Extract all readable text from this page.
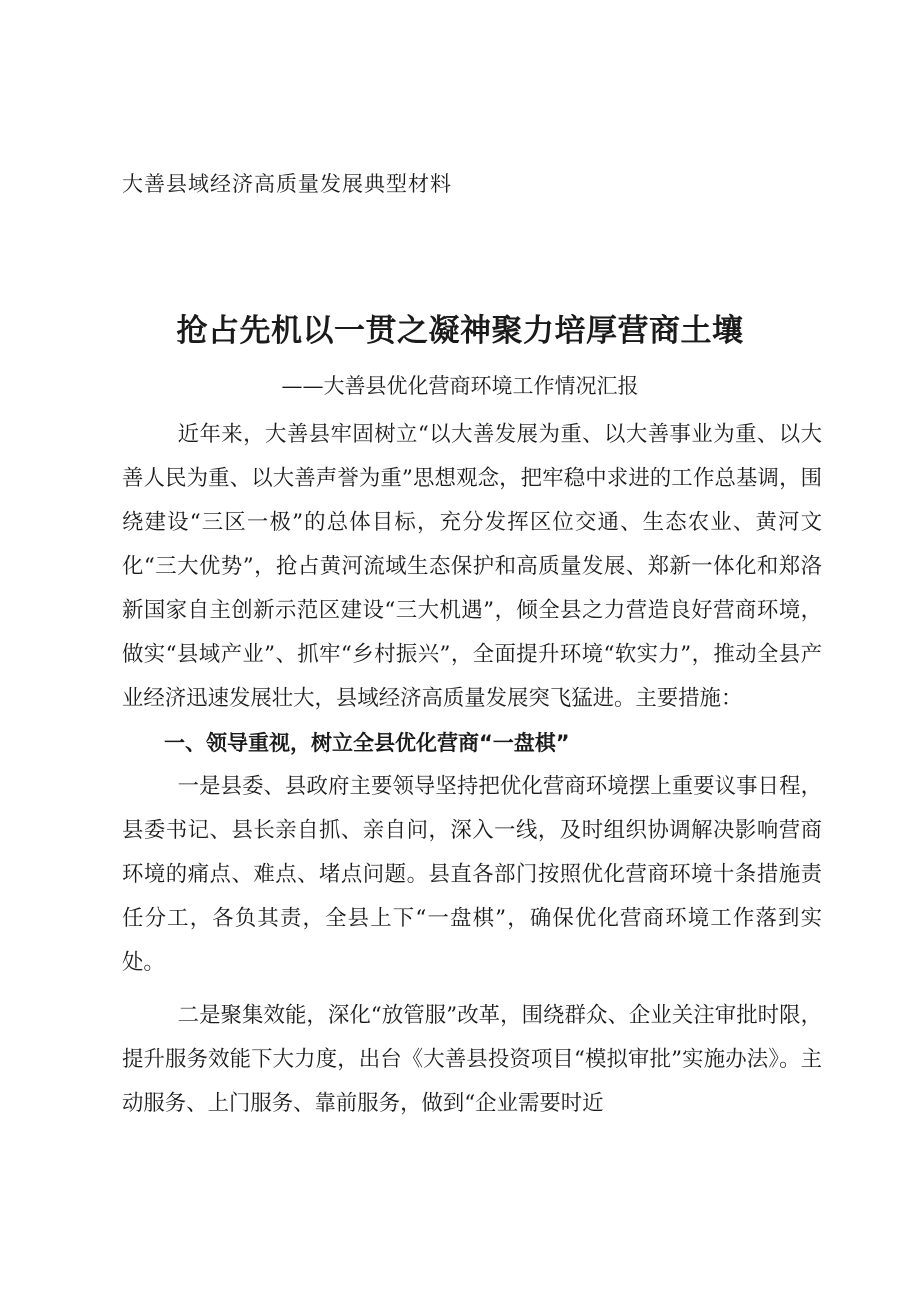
大善县域经济高质量发展典型材料
抢占先机以一贯之凝神聚力培厚营商土壤
——大善县优化营商环境工作情况汇报

近年来，大善县牢固树立“以大善发展为重、以大善事业为重、以大善人民为重、以大善声誉为重”思想观念，把牢稳中求进的工作总基调，围绕建设“三区一极”的总体目标，充分发挥区位交通、生态农业、黄河文化“三大优势”，抢占黄河流域生态保护和高质量发展、郑新一体化和郑洛新国家自主创新示范区建设“三大机遇”，倾全县之力营造良好营商环境，做实“县域产业”、抓牢“乡村振兴”，全面提升环境“软实力”，推动全县产业经济迅速发展壮大，县域经济高质量发展突飞猛进。主要措施：

一、领导重视，树立全县优化营商“一盘棋”

一是县委、县政府主要领导坚持把优化营商环境摆上重要议事日程，县委书记、县长亲自抓、亲自问，深入一线，及时组织协调解决影响营商环境的痛点、难点、堵点问题。县直各部门按照优化营商环境十条措施责任分工，各负其责，全县上下“一盘棋”，确保优化营商环境工作落到实处。

二是聚集效能，深化“放管服”改革，围绕群众、企业关注审批时限，提升服务效能下大力度，出台《大善县投资项目“模拟审批”实施办法》。主动服务、上门服务、靠前服务，做到“企业需要时近
